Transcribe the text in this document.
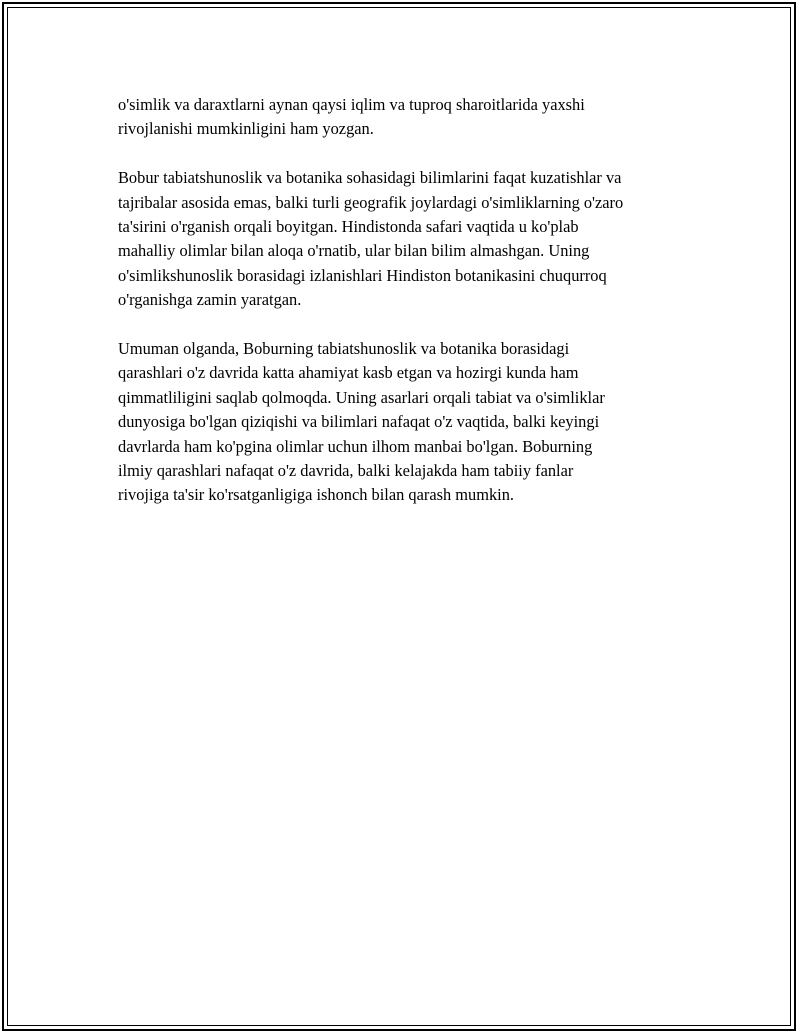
o'simlik va daraxtlarni aynan qaysi iqlim va tuproq sharoitlarida yaxshi
rivojlanishi mumkinligini ham yozgan.

Bobur tabiatshunoslik va botanika sohasidagi bilimlarini faqat kuzatishlar va
tajribalar asosida emas, balki turli geografik joylardagi o'simliklarning o'zaro
ta'sirini o'rganish orqali boyitgan. Hindistonda safari vaqtida u ko'plab
mahalliy olimlar bilan aloqa o'rnatib, ular bilan bilim almashgan. Uning
o'simlikshunoslik borasidagi izlanishlari Hindiston botanikasini chuqurroq
o'rganishga zamin yaratgan.

Umuman olganda, Boburning tabiatshunoslik va botanika borasidagi
qarashlari o'z davrida katta ahamiyat kasb etgan va hozirgi kunda ham
qimmatliligini saqlab qolmoqda. Uning asarlari orqali tabiat va o'simliklar
dunyosiga bo'lgan qiziqishi va bilimlari nafaqat o'z vaqtida, balki keyingi
davrlarda ham ko'pgina olimlar uchun ilhom manbai bo'lgan. Boburning
ilmiy qarashlari nafaqat o'z davrida, balki kelajakda ham tabiiy fanlar
rivojiga ta'sir ko'rsatganligiga ishonch bilan qarash mumkin.
